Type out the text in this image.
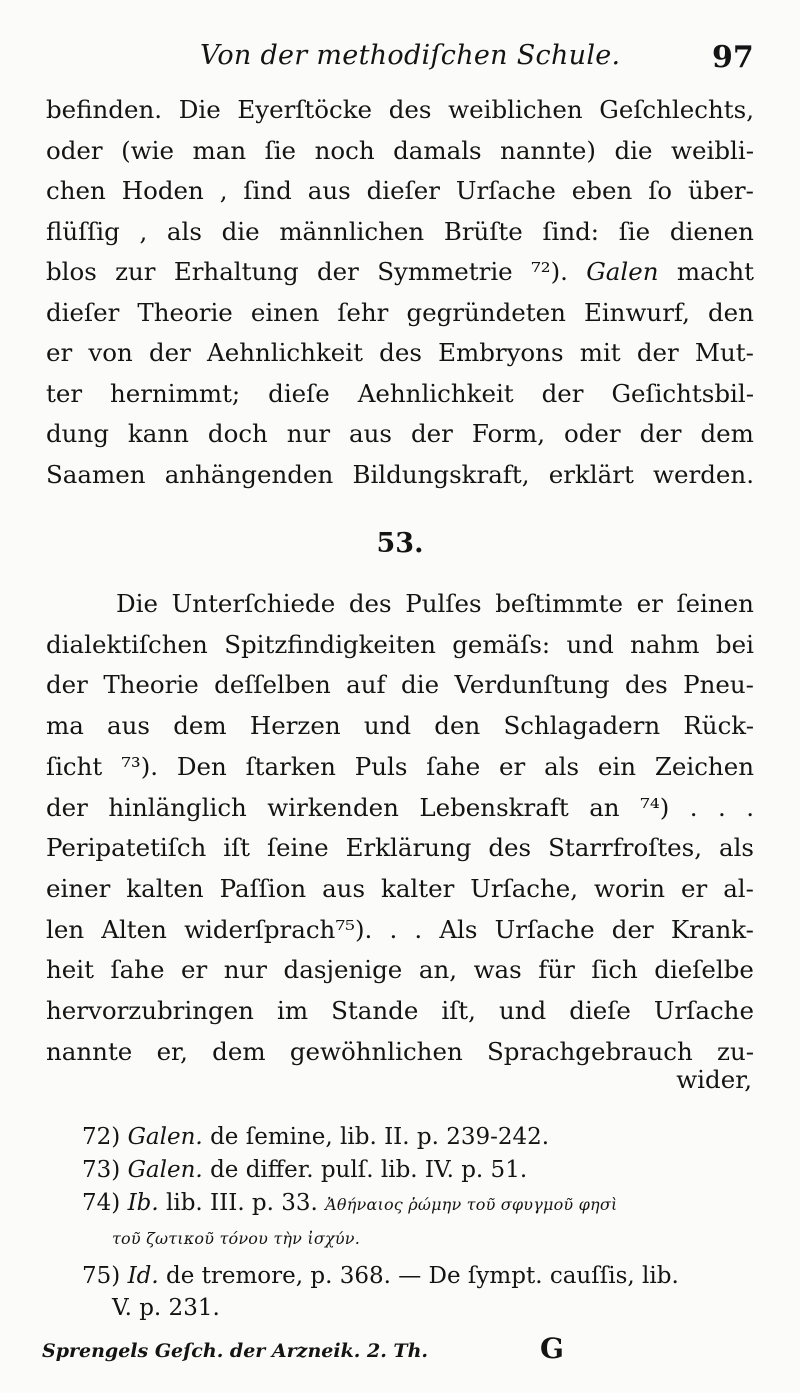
Von der methodiſchen Schule.	97
befinden. Die Eyerſtöcke des weiblichen Geſchlechts,
oder (wie man ſie noch damals nannte) die weibli-
chen Hoden , ſind aus dieſer Urſache eben ſo über-
flüſſig , als die männlichen Brüſte ſind: ſie dienen
blos zur Erhaltung der Symmetrie ⁷²). Galen macht
dieſer Theorie einen ſehr gegründeten Einwurf, den
er von der Aehnlichkeit des Embryons mit der Mut-
ter hernimmt; dieſe Aehnlichkeit der Geſichtsbil-
dung kann doch nur aus der Form, oder der dem
Saamen anhängenden Bildungskraft, erklärt werden.
53.
Die Unterſchiede des Pulſes beſtimmte er ſeinen
dialektiſchen Spitzfindigkeiten gemäſs: und nahm bei
der Theorie deſſelben auf die Verdunſtung des Pneu-
ma aus dem Herzen und den Schlagadern Rück-
ſicht ⁷³). Den ſtarken Puls ſahe er als ein Zeichen
der hinlänglich wirkenden Lebenskraft an ⁷⁴) . . .
Peripatetiſch iſt ſeine Erklärung des Starrfroſtes, als
einer kalten Paſſion aus kalter Urſache, worin er al-
len Alten widerſprach⁷⁵). . . Als Urſache der Krank-
heit ſahe er nur dasjenige an, was für ſich dieſelbe
hervorzubringen im Stande iſt, und dieſe Urſache
nannte er, dem gewöhnlichen Sprachgebrauch zu-
wider,
72) Galen. de ſemine, lib. II. p. 239-242.
73) Galen. de differ. pulſ. lib. IV. p. 51.
74) Ib. lib. III. p. 33. Ἀθήναιος ῥώμην τοῦ σφυγμοῦ φησὶ
τοῦ ζωτικοῦ τόνου τὴν ἰσχύν.
75) Id. de tremore, p. 368. — De ſympt. cauſſis, lib.
V. p. 231.
Sprengels Geſch. der Arzneik. 2. Th.	G
